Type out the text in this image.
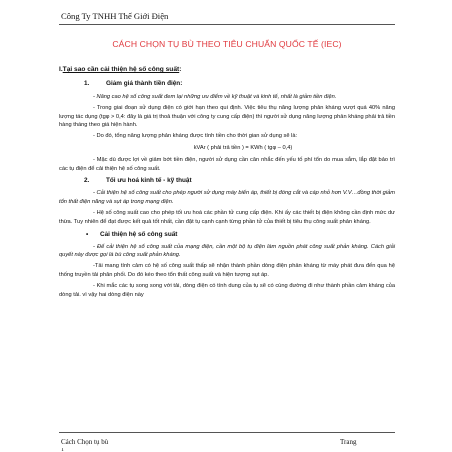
Công Ty TNHH Thế Giới Điện
CÁCH CHỌN TỤ BÙ THEO TIÊU CHUẨN QUỐC TẾ (IEC)

I.Tại sao cần cải thiện hệ số công suất:

1.	Giảm giá thành tiền điện:

- Nâng cao hệ số công suất đem lại những ưu điểm về kỹ thuật và kinh tế, nhất là giảm tiền điện.

- Trong giai đoạn sử dụng điện có giới hạn theo qui định. Việc tiêu thụ năng lượng phản kháng vượt quá 40% năng lượng tác dụng (tgφ > 0,4: đây là giá trị thoả thuận với công ty cung cấp điện) thì người sử dụng năng lượng phản kháng phải trả tiền hàng tháng theo giá hiện hành.

- Do đó, tổng năng lượng phản kháng được tính tiền cho thời gian sử dụng sẽ là:

kVAr ( phải trả tiền ) = KWh ( tgφ – 0,4)

- Mặc dù được lợi về giảm bớt tiền điện, người sử dụng cần cân nhắc đến yếu tố phí tổn do mua sắm, lắp đặt bảo trì các tụ điện để cải thiện hệ số công suất.

2.	Tối ưu hoá kinh tế - kỹ thuật

- Cải thiện hệ số công suất cho phép người sử dụng máy biến áp, thiết bị đóng cắt và cáp nhỏ hơn V.V…đồng thời giảm tổn thất điện năng và sụt áp trong mạng điện.

- Hệ số công suất cao cho phép tối ưu hoá các phần tử cung cấp điện. Khi ấy các thiết bị điện không cần định mức dư thừa. Tuy nhiên để đạt được kết quả tốt nhất, cần đặt tụ cạnh cạnh từng phần tử của thiết bị tiêu thụ công suất phản kháng.

• Cải thiện hệ số công suất

- Để cải thiện hệ số công suất của mạng điện, cần một bộ tụ điện làm nguồn phát công suất phản kháng. Cách giải quyết này được gọi là bù công suất phản kháng.

-Tải mang tính cảm có hệ số công suất thấp sẽ nhận thành phần dòng điện phản kháng từ máy phát đưa đến qua hệ thống truyền tải phân phối. Do đó kéo theo tổn thất công suất và hiện tượng sụt áp.

- Khi mắc các tụ song song với tải, dòng điện có tính dung của tụ sẽ có cùng đường đi như thành phần cảm kháng của dòng tải. vì vậy hai dòng điện này

Cách Chọn tụ bù	Trang
1
